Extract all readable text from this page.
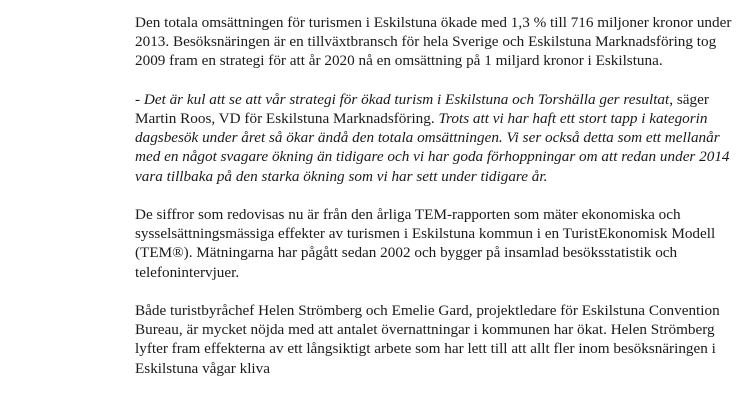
Den totala omsättningen för turismen i Eskilstuna ökade med 1,3 % till 716 miljoner kronor under 2013. Besöksnäringen är en tillväxtbransch för hela Sverige och Eskilstuna Marknadsföring tog 2009 fram en strategi för att år 2020 nå en omsättning på 1 miljard kronor i Eskilstuna.

- Det är kul att se att vår strategi för ökad turism i Eskilstuna och Torshälla ger resultat, säger Martin Roos, VD för Eskilstuna Marknadsföring. Trots att vi har haft ett stort tapp i kategorin dagsbesök under året så ökar ändå den totala omsättningen. Vi ser också detta som ett mellanår med en något svagare ökning än tidigare och vi har goda förhoppningar om att redan under 2014 vara tillbaka på den starka ökning som vi har sett under tidigare år.

De siffror som redovisas nu är från den årliga TEM-rapporten som mäter ekonomiska och sysselsättningsmässiga effekter av turismen i Eskilstuna kommun i en TuristEkonomisk Modell (TEM®). Mätningarna har pågått sedan 2002 och bygger på insamlad besöksstatistik och telefonintervjuer.

Både turistbyråchef Helen Strömberg och Emelie Gard, projektledare för Eskilstuna Convention Bureau, är mycket nöjda med att antalet övernattningar i kommunen har ökat. Helen Strömberg lyfter fram effekterna av ett långsiktigt arbete som har lett till att allt fler inom besöksnäringen i Eskilstuna vågar kliva
